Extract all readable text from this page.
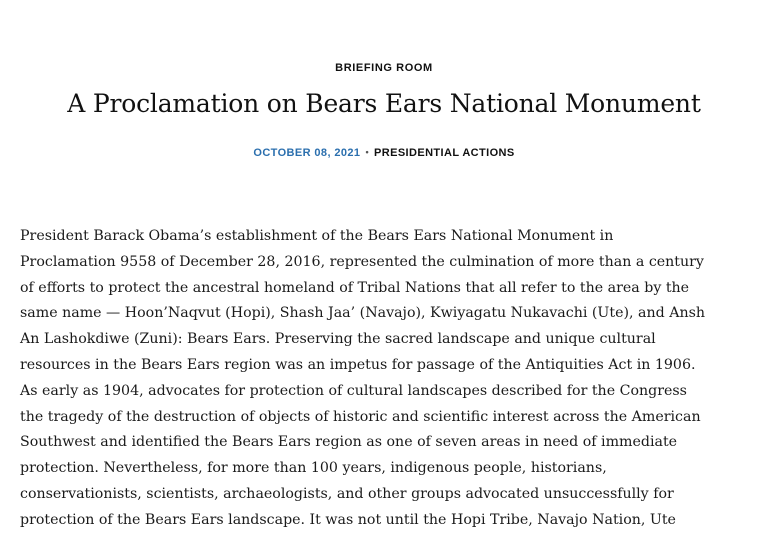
BRIEFING ROOM
A Proclamation on Bears Ears National Monument
OCTOBER 08, 2021 • PRESIDENTIAL ACTIONS
President Barack Obama’s establishment of the Bears Ears National Monument in
Proclamation 9558 of December 28, 2016, represented the culmination of more than a century
of efforts to protect the ancestral homeland of Tribal Nations that all refer to the area by the
same name — Hoon’Naqvut (Hopi), Shash Jaa’ (Navajo), Kwiyagatu Nukavachi (Ute), and Ansh
An Lashokdiwe (Zuni): Bears Ears. Preserving the sacred landscape and unique cultural
resources in the Bears Ears region was an impetus for passage of the Antiquities Act in 1906.
As early as 1904, advocates for protection of cultural landscapes described for the Congress
the tragedy of the destruction of objects of historic and scientific interest across the American
Southwest and identified the Bears Ears region as one of seven areas in need of immediate
protection. Nevertheless, for more than 100 years, indigenous people, historians,
conservationists, scientists, archaeologists, and other groups advocated unsuccessfully for
protection of the Bears Ears landscape. It was not until the Hopi Tribe, Navajo Nation, Ute
